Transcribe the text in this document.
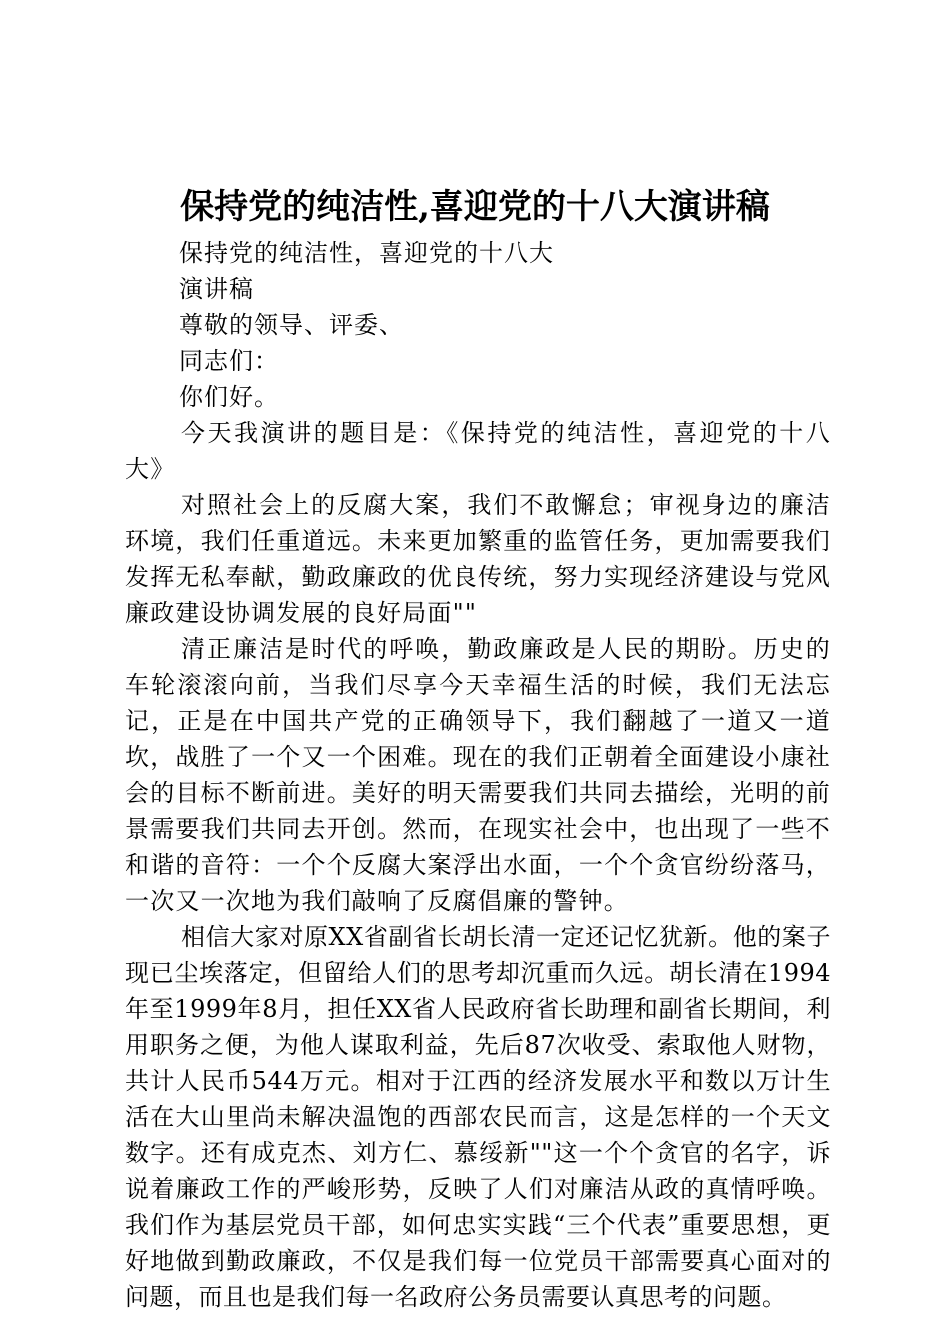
保持党的纯洁性,喜迎党的十八大演讲稿

保持党的纯洁性，喜迎党的十八大

演讲稿

尊敬的领导、评委、

同志们：

你们好。

今天我演讲的题目是：《保持党的纯洁性，喜迎党的十八大》

对照社会上的反腐大案，我们不敢懈怠；审视身边的廉洁环境，我们任重道远。未来更加繁重的监管任务，更加需要我们发挥无私奉献，勤政廉政的优良传统，努力实现经济建设与党风廉政建设协调发展的良好局面""

清正廉洁是时代的呼唤，勤政廉政是人民的期盼。历史的车轮滚滚向前，当我们尽享今天幸福生活的时候，我们无法忘记，正是在中国共产党的正确领导下，我们翻越了一道又一道坎，战胜了一个又一个困难。现在的我们正朝着全面建设小康社会的目标不断前进。美好的明天需要我们共同去描绘，光明的前景需要我们共同去开创。然而，在现实社会中，也出现了一些不和谐的音符：一个个反腐大案浮出水面，一个个贪官纷纷落马，一次又一次地为我们敲响了反腐倡廉的警钟。

相信大家对原XX省副省长胡长清一定还记忆犹新。他的案子现已尘埃落定，但留给人们的思考却沉重而久远。胡长清在1994年至1999年8月，担任XX省人民政府省长助理和副省长期间，利用职务之便，为他人谋取利益，先后87次收受、索取他人财物，共计人民币544万元。相对于江西的经济发展水平和数以万计生活在大山里尚未解决温饱的西部农民而言，这是怎样的一个天文数字。还有成克杰、刘方仁、慕绥新""这一个个贪官的名字，诉说着廉政工作的严峻形势，反映了人们对廉洁从政的真情呼唤。我们作为基层党员干部，如何忠实实践“三个代表”重要思想，更好地做到勤政廉政，不仅是我们每一位党员干部需要真心面对的问题，而且也是我们每一名政府公务员需要认真思考的问题。
